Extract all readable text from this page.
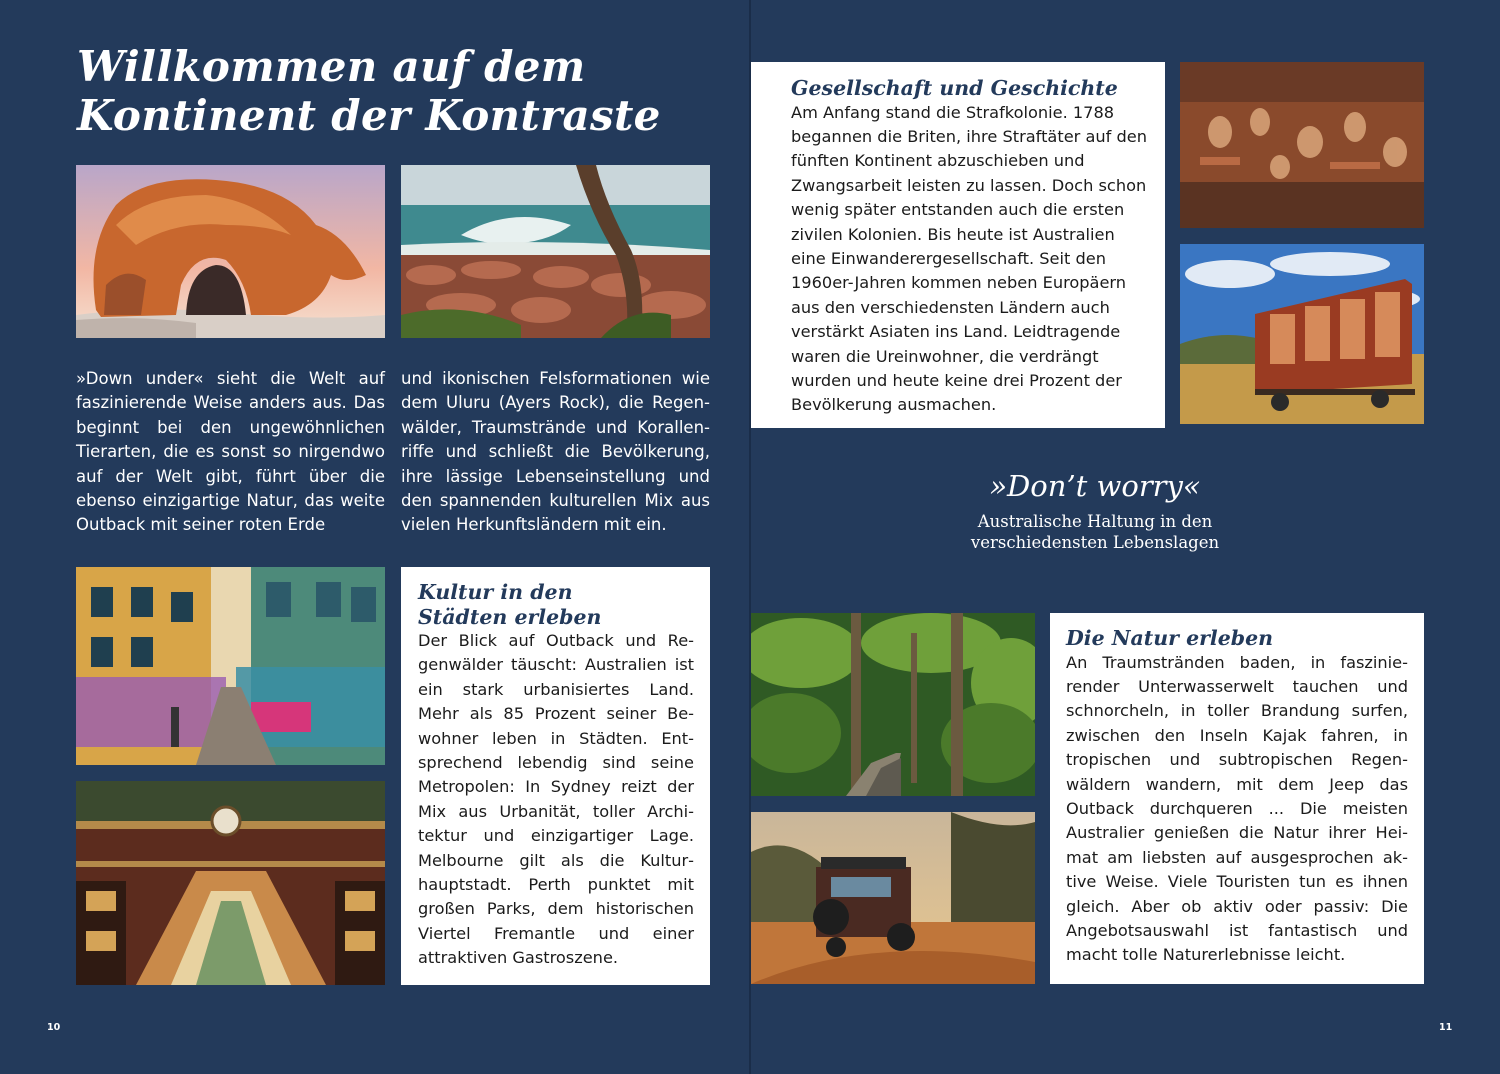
Willkommen auf dem
Kontinent der Kontraste

»Down under« sieht die Welt auf faszinierende Weise anders aus. Das beginnt bei den ungewöhnlichen Tierarten, die es sonst so nirgendwo auf der Welt gibt, führt über die ebenso einzigartige Natur, das weite Outback mit seiner roten Erde

und ikonischen Felsformationen wie dem Uluru (Ayers Rock), die Regenwälder, Traumstrände und Korallenriffe und schließt die Bevölkerung, ihre lässige Lebenseinstellung und den spannenden kulturellen Mix aus vielen Herkunftsländern mit ein.

Kultur in den
Städten erleben

Der Blick auf Outback und Regenwälder täuscht: Australien ist ein stark urbanisiertes Land. Mehr als 85 Prozent seiner Bewohner leben in Städten. Entsprechend lebendig sind seine Metropolen: In Sydney reizt der Mix aus Urbanität, toller Architektur und einzigartiger Lage. Melbourne gilt als die Kulturhauptstadt. Perth punktet mit großen Parks, dem historischen Viertel Fremantle und einer attraktiven Gastroszene.

10
Gesellschaft und Geschichte

Am Anfang stand die Strafkolonie. 1788 begannen die Briten, ihre Straftäter auf den fünften Kontinent abzuschieben und Zwangsarbeit leisten zu lassen. Doch schon wenig später entstanden auch die ersten zivilen Kolonien. Bis heute ist Australien eine Einwanderergesellschaft. Seit den 1960er-Jahren kommen neben Europäern aus den verschiedensten Ländern auch verstärkt Asiaten ins Land. Leidtragende waren die Ureinwohner, die verdrängt wurden und heute keine drei Prozent der Bevölkerung ausmachen.

»Don’t worry«
Australische Haltung in den
verschiedensten Lebenslagen
Die Natur erleben

An Traumstränden baden, in faszinierender Unterwasserwelt tauchen und schnorcheln, in toller Brandung surfen, zwischen den Inseln Kajak fahren, in tropischen und subtropischen Regenwäldern wandern, mit dem Jeep das Outback durchqueren ... Die meisten Australier genießen die Natur ihrer Heimat am liebsten auf ausgesprochen aktive Weise. Viele Touristen tun es ihnen gleich. Aber ob aktiv oder passiv: Die Angebotsauswahl ist fantastisch und macht tolle Naturerlebnisse leicht.

11
